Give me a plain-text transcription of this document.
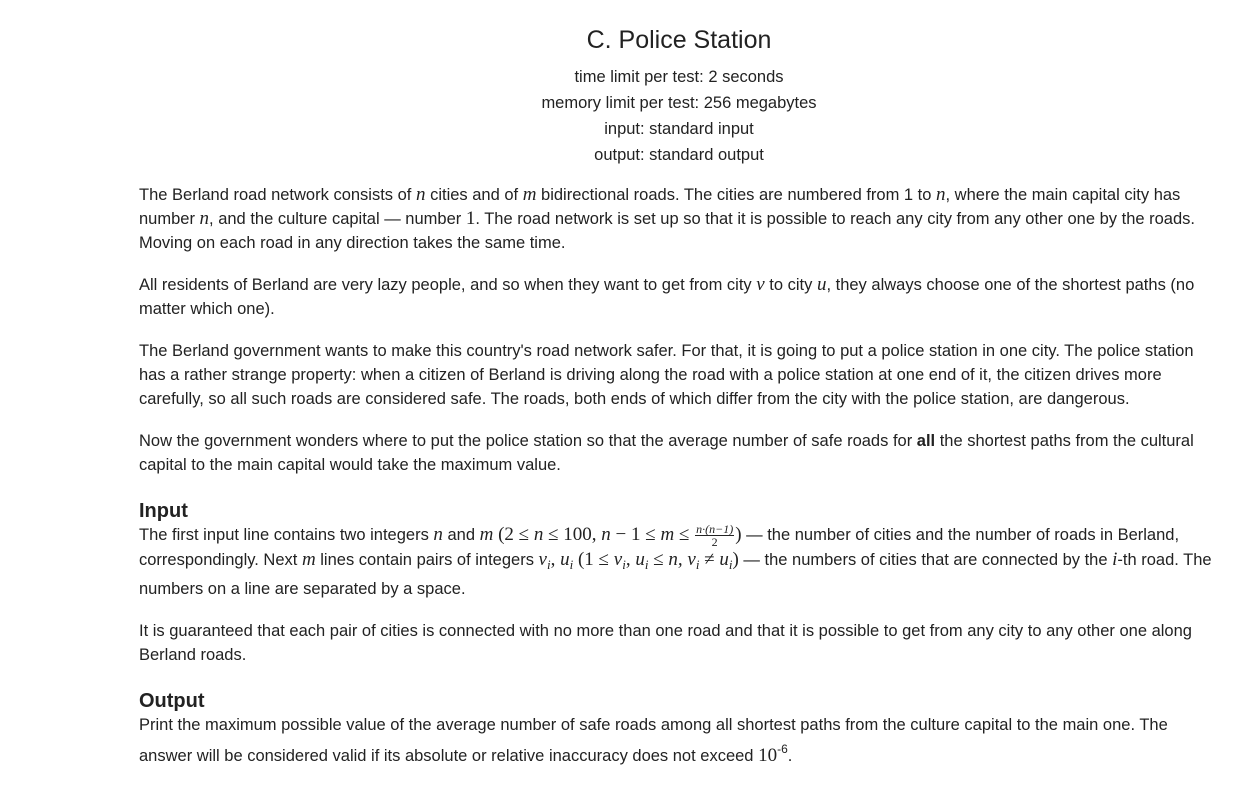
C. Police Station
time limit per test: 2 seconds
memory limit per test: 256 megabytes
input: standard input
output: standard output

The Berland road network consists of n cities and of m bidirectional roads. The cities are numbered from 1 to n, where the main capital city has number n, and the culture capital — number 1. The road network is set up so that it is possible to reach any city from any other one by the roads. Moving on each road in any direction takes the same time.

All residents of Berland are very lazy people, and so when they want to get from city v to city u, they always choose one of the shortest paths (no matter which one).

The Berland government wants to make this country's road network safer. For that, it is going to put a police station in one city. The police station has a rather strange property: when a citizen of Berland is driving along the road with a police station at one end of it, the citizen drives more carefully, so all such roads are considered safe. The roads, both ends of which differ from the city with the police station, are dangerous.

Now the government wonders where to put the police station so that the average number of safe roads for all the shortest paths from the cultural capital to the main capital would take the maximum value.

Input

The first input line contains two integers n and m (2 ≤ n ≤ 100, $n - 1 \le m \le \frac{n\cdot(n-1)}{2}$ ) — the number of cities and the number of roads in Berland, correspondingly. Next m lines contain pairs of integers $v_i$, $u_i$ ($1 \le v_i$, $u_i \le n$, $v_i \ne u_i$) — the numbers of cities that are connected by the i-th road. The numbers on a line are separated by a space.

It is guaranteed that each pair of cities is connected with no more than one road and that it is possible to get from any city to any other one along Berland roads.

Output

Print the maximum possible value of the average number of safe roads among all shortest paths from the culture capital to the main one. The answer will be considered valid if its absolute or relative inaccuracy does not exceed $10^{-6}$.
